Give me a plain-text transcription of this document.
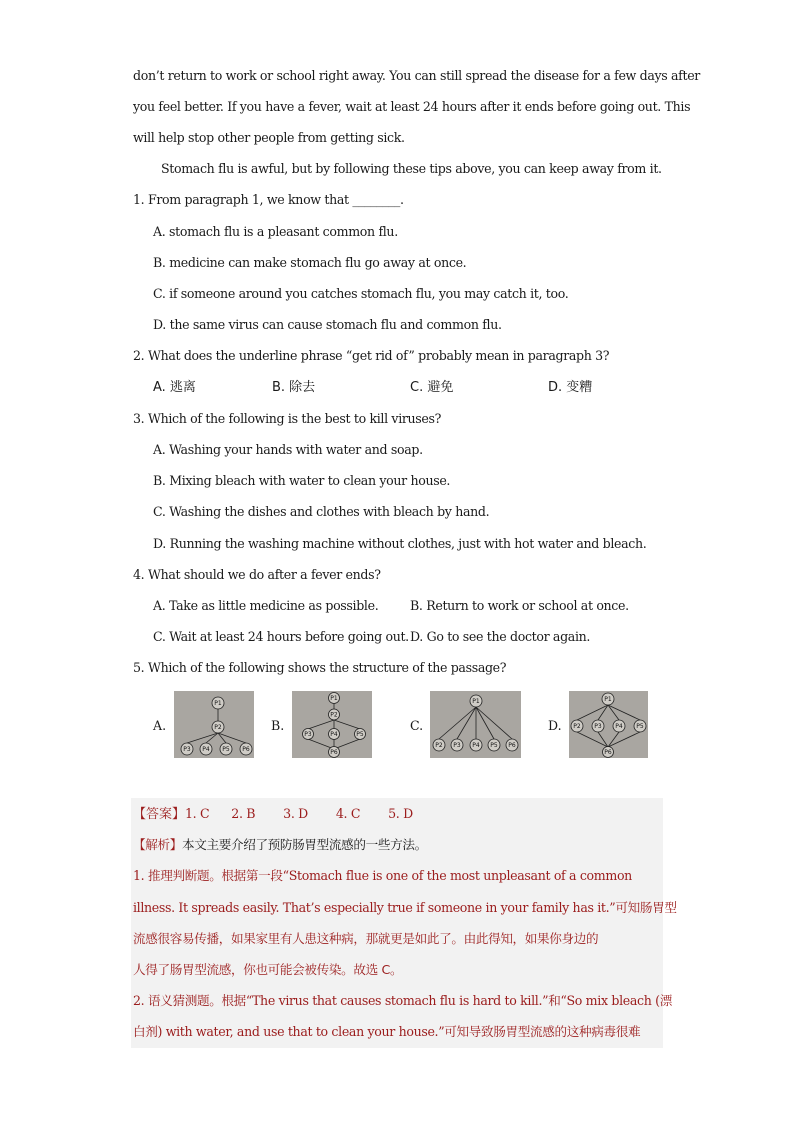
don’t return to work or school right away. You can still spread the disease for a few days after
you feel better. If you have a fever, wait at least 24 hours after it ends before going out. This
will help stop other people from getting sick.
Stomach flu is awful, but by following these tips above, you can keep away from it.
1. From paragraph 1, we know that ________.
A. stomach flu is a pleasant common flu.
B. medicine can make stomach flu go away at once.
C. if someone around you catches stomach flu, you may catch it, too.
D. the same virus can cause stomach flu and common flu.
2. What does the underline phrase “get rid of” probably mean in paragraph 3?
A. 逃离	B. 除去	C. 避免	D. 变糟
3. Which of the following is the best to kill viruses?
A. Washing your hands with water and soap.
B. Mixing bleach with water to clean your house.
C. Washing the dishes and clothes with bleach by hand.
D. Running the washing machine without clothes, just with hot water and bleach.
4. What should we do after a fever ends?
A. Take as little medicine as possible.	B. Return to work or school at once.
C. Wait at least 24 hours before going out. D. Go to see the doctor again.
5. Which of the following shows the structure of the passage?
A.	B.	C.	D.
P1
P2
P3 P4 P5 P6
P1
P2
P3	P4	P5
P6
P1
P2 P3 P4 P5 P6
P1
P2 P3 P4 P5
P6
【答案】1. C 2. B 3. D 4. C 5. D
【解析】本文主要介绍了预防肠胃型流感的一些方法。
1. 推理判断题。根据第一段“Stomach flue is one of the most unpleasant of a common
illness. It spreads easily. That’s especially true if someone in your family has it.”可知肠胃型
流感很容易传播，如果家里有人患这种病，那就更是如此了。由此得知，如果你身边的
人得了肠胃型流感，你也可能会被传染。故选 C。
2. 语义猜测题。根据“The virus that causes stomach flu is hard to kill.”和“So mix bleach (漂
白剂) with water, and use that to clean your house.”可知导致肠胃型流感的这种病毒很难
